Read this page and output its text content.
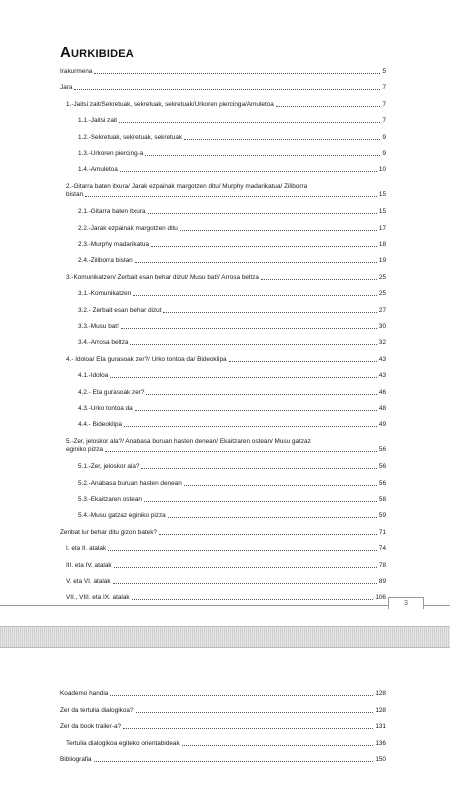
Aurkibidea
Irakurmena	5
Jara	7
1.-Jaitsi zait/Sekretuak, sekretuak, sekretuak/Urkoren piercinga/Amuletoa	7
1.1.-Jaitsi zait	7
1.2.-Sekretuak, sekretuak, sekretuak	9
1.3.-Urkoren piercing-a	9
1.4.-Amuletoa	10
2.-Gitarra baten itxura/ Jarak ezpainak margotzen ditu/ Murphy madarikatua/ Ziliborra
bistan	15
2.1.-Gitarra baten itxura	15
2.2.-Jarak ezpainak margotzen ditu	17
2.3.-Murphy madarikatua	18
2.4.-Ziliborra bistan	19
3.-Komunikatzen/ Zerbait esan behar dizut/ Musu bat!/ Arrosa beltza	25
3.1.-Komunikatzen	25
3.2.- Zerbait esan behar dizut	27
3.3.-Musu bat!	30
3.4.-Arrosa beltza	32
4.- Idoloa/ Eta gurasoak zer?/ Urko tontoa da/ Bideoklipa	43
4.1.-Idoloa	43
4.2.- Eta gurasoak zer?	46
4.3.-Urko tontoa da	48
4.4.- Bideoklipa	49
5.-Zer, jeloskor ala?/ Anabasa buruan hasten denean/ Ekaitzaren ostean/ Musu gatzaz
eginiko pizza	56
5.1.-Zer, jeloskor ala?	56
5.2.-Anabasa buruan hasten denean	56
5.3.-Ekaitzaren ostean	58
5.4.-Musu gatzaz eginiko pizza	59
Zenbat lur behar ditu gizon batek?	71
I. eta II. atalak	74
III. eta IV. atalak	78
V. eta VI. atalak	89
VII., VIII. eta IX. atalak	106
3
Koademo handia	128
Zer da tertulia dialogikoa?	128
Zer da book trailer-a?	131
Tertulia dialogikoa egiteko orientabideak	136
Bibliografia	150
